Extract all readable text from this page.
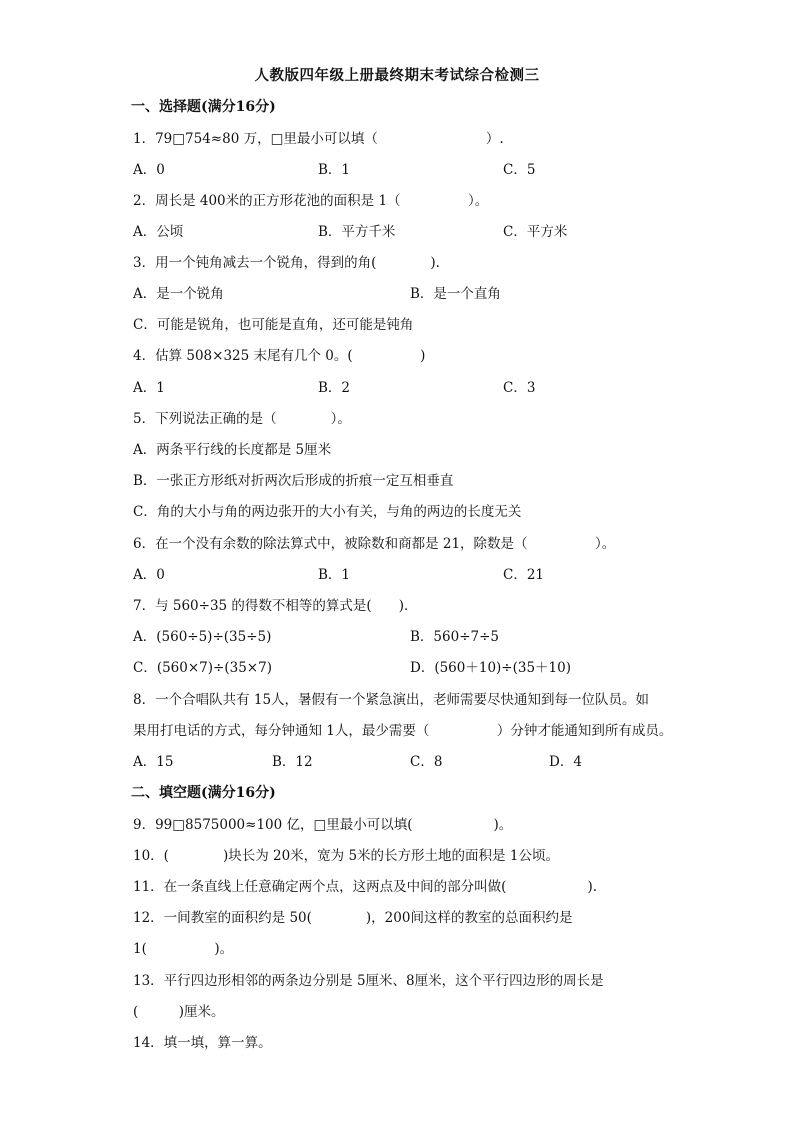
人教版四年级上册最终期末考试综合检测三
一、选择题(满分16分)
1．79□754≈80 万，□里最小可以填（　　　　　　　　）.
A．0	B．1	C．5
2．周长是 400米的正方形花池的面积是 1（　　　　　）。
A．公顷	B．平方千米	C．平方米
3．用一个钝角减去一个锐角，得到的角(　　　　).
A．是一个锐角	B．是一个直角
C．可能是锐角，也可能是直角，还可能是钝角
4．估算 508×325 末尾有几个 0。(　　　　　)
A．1	B．2	C．3
5．下列说法正确的是（　　　　）。
A．两条平行线的长度都是 5厘米
B．一张正方形纸对折两次后形成的折痕一定互相垂直
C．角的大小与角的两边张开的大小有关，与角的两边的长度无关
6．在一个没有余数的除法算式中，被除数和商都是 21，除数是（　　　　　）。
A．0	B．1	C．21
7．与 560÷35 的得数不相等的算式是(　　)．
A．(560÷5)÷(35÷5)	B．560÷7÷5
C．(560×7)÷(35×7)	D．(560＋10)÷(35＋10)
8．一个合唱队共有 15人，暑假有一个紧急演出，老师需要尽快通知到每一位队员。如
果用打电话的方式，每分钟通知 1人，最少需要（　　　　　）分钟才能通知到所有成员。
A．15	B．12	C．8	D．4
二、填空题(满分16分)
9．99□8575000≈100 亿，□里最小可以填(　　　　　　)。
10．(　　　　)块长为 20米，宽为 5米的长方形土地的面积是 1公顷。
11．在一条直线上任意确定两个点，这两点及中间的部分叫做(　　　　　　).
12．一间教室的面积约是 50(　　　　)，200间这样的教室的总面积约是
1(　　　　　)。
13．平行四边形相邻的两条边分别是 5厘米、8厘米，这个平行四边形的周长是
(　　　)厘米。
14．填一填，算一算。
